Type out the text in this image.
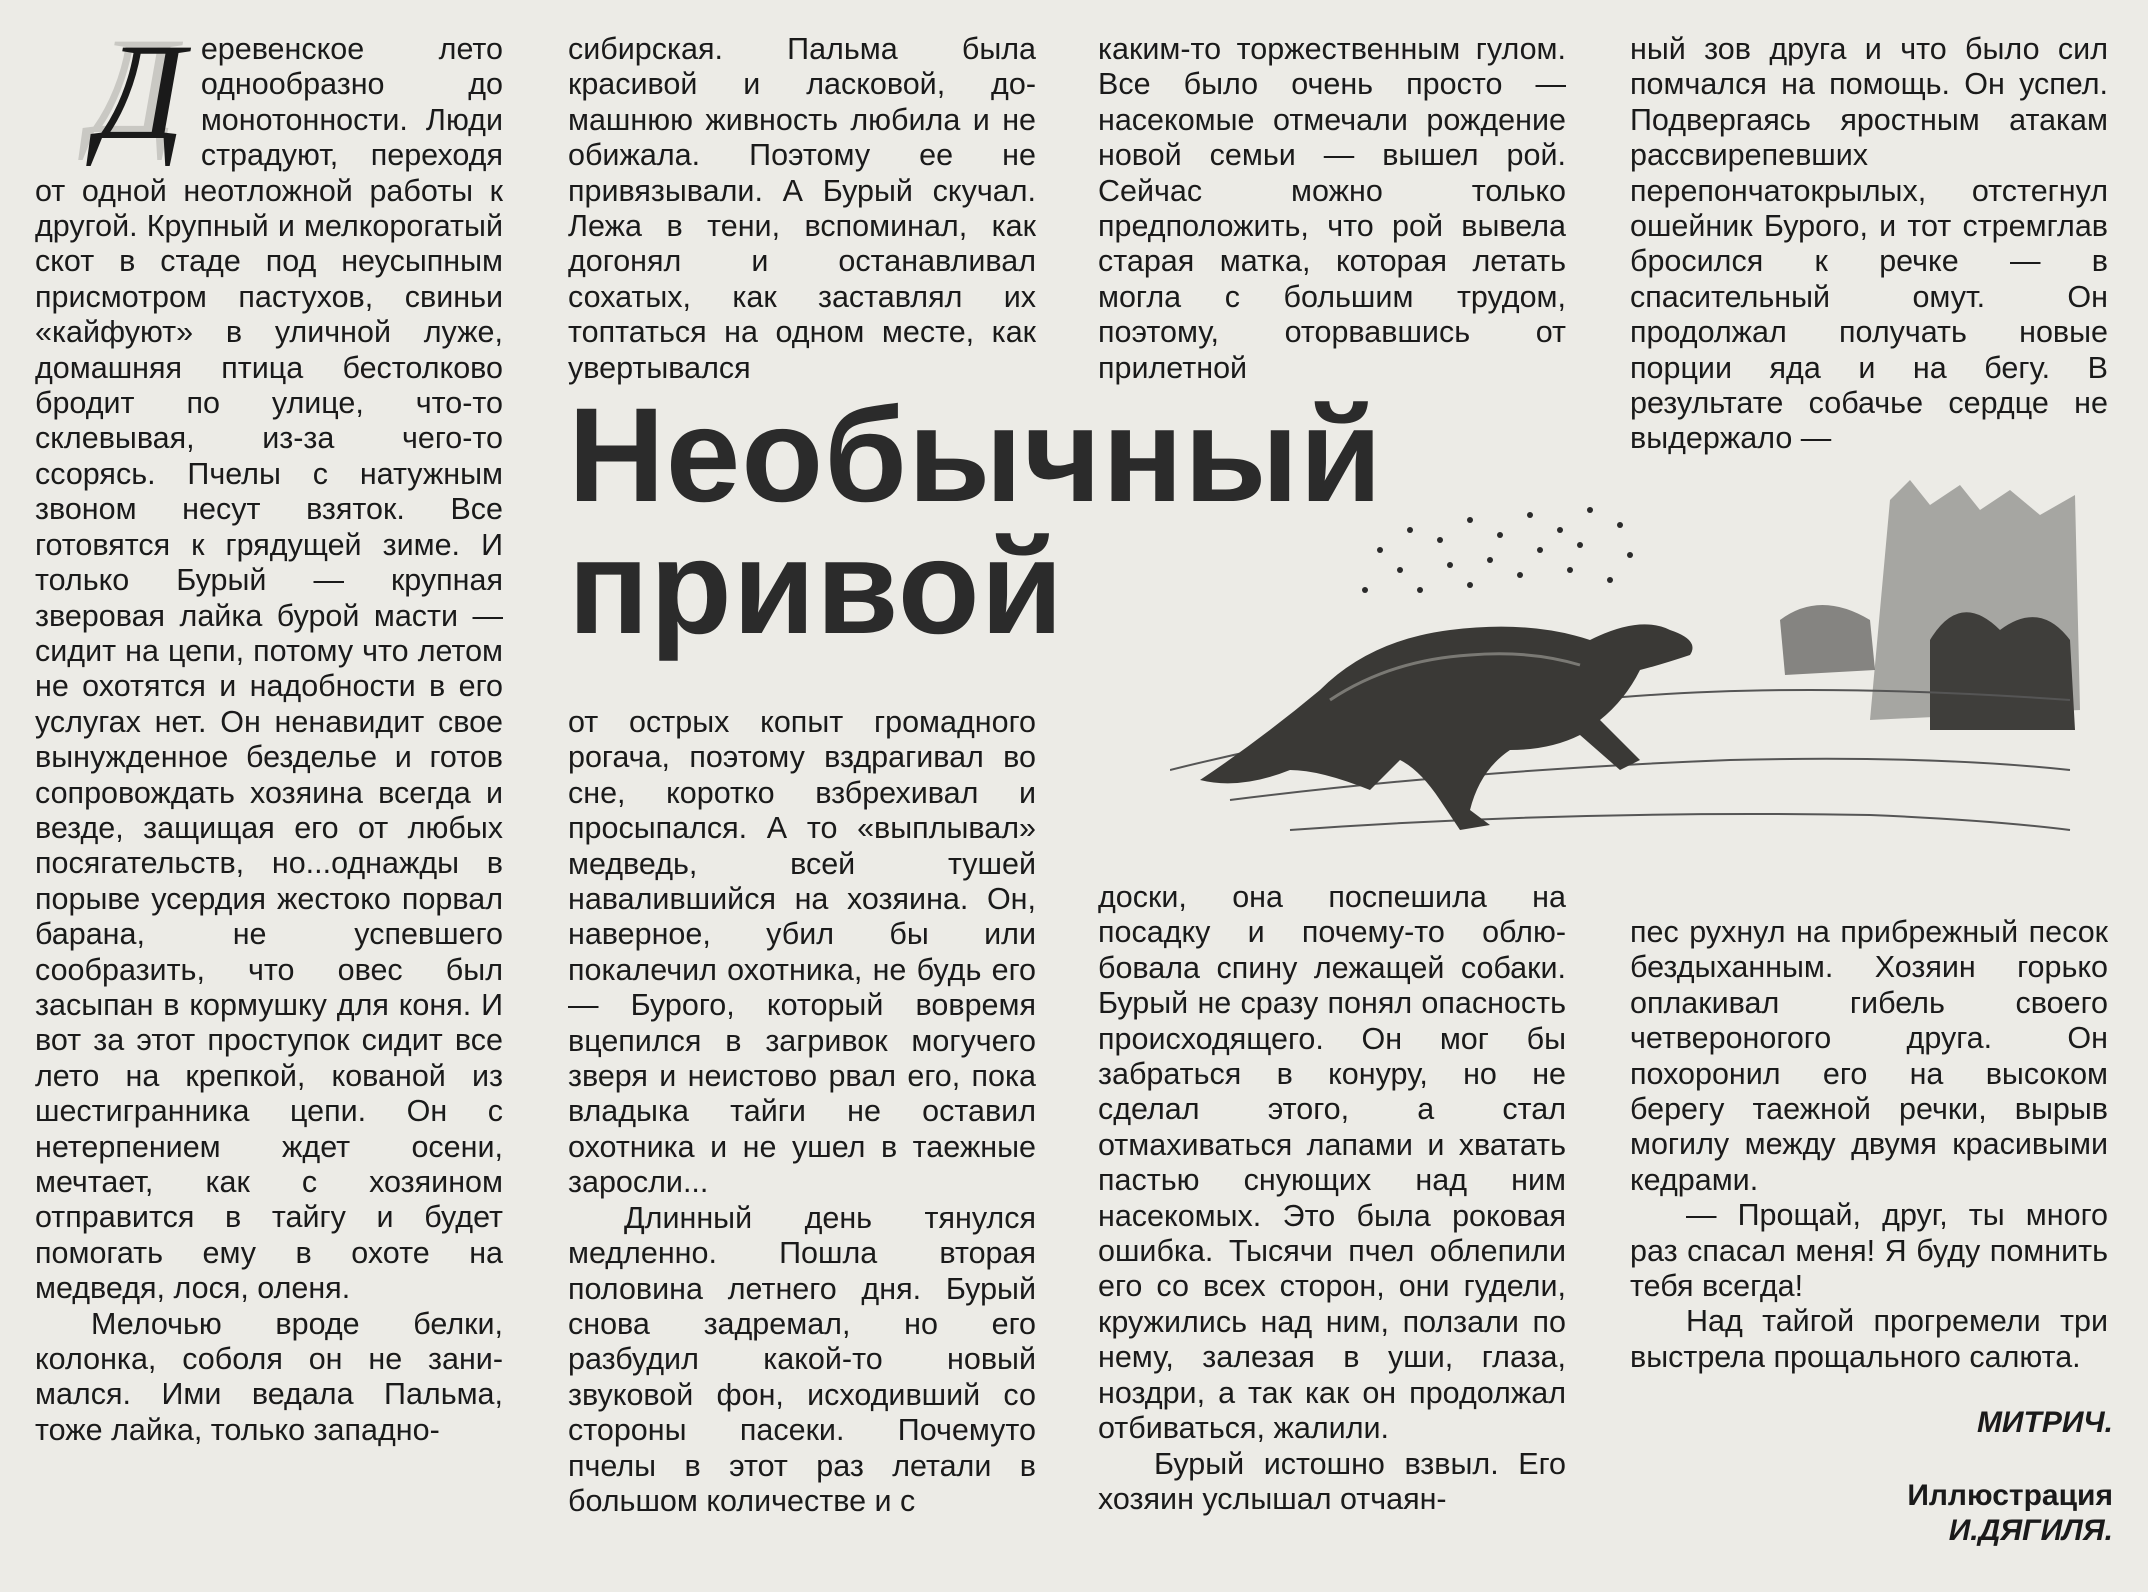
Д еревенское лето однообразно до монотонности. Люди страдуют, переходя от одной неотложной работы к другой. Крупный и мелкорогатый скот в стаде под неусыпным присмотром пастухов, свиньи «кайфуют» в уличной луже, домашняя птица бестолково бродит по улице, что-то склевывая, из-за чего-то ссорясь. Пчелы с натужным звоном несут взяток. Все готовятся к грядущей зиме. И только Бурый — крупная зверовая лайка бурой масти — сидит на цепи, потому что летом не охотятся и надобности в его услугах нет. Он ненавидит свое вынужденное безделье и готов сопровождать хозяина всегда и везде, защищая его от любых посягательств, но...однажды в порыве усердия жестоко порвал барана, не успевшего сообразить, что овес был засыпан в кормушку для коня. И вот за этот проступок сидит все лето на крепкой, кованой из шестигранника цепи. Он с нетерпением ждет осени, мечтает, как с хозяином отправится в тайгу и будет помогать ему в охоте на медведя, лося, оленя.

Мелочью вроде белки, колонка, соболя он не занимался. Ими ведала Пальма, тоже лайка, только западно-

сибирская. Пальма была красивой и ласковой, домашнюю живность любила и не обижала. Поэтому ее не привязывали. А Бурый скучал. Лежа в тени, вспоминал, как догонял и останавливал сохатых, как заставлял их топтаться на одном месте, как увертывался

Необычный
привой

от острых копыт громадного рогача, поэтому вздрагивал во сне, коротко взбрехивал и просыпался. А то «выплывал» медведь, всей тушей навалившийся на хозяина. Он, наверное, убил бы или покалечил охотника, не будь его — Бурого, который вовремя вцепился в загривок могучего зверя и неистово рвал его, пока владыка тайги не оставил охотника и не ушел в таежные заросли...

Длинный день тянулся медленно. Пошла вторая половина летнего дня. Бурый снова задремал, но его разбудил какой-то новый звуковой фон, исходивший со стороны пасеки. Почемуто пчелы в этот раз летали в большом количестве и с

каким-то торжественным гулом. Все было очень просто — насекомые отмечали рождение новой семьи — вышел рой. Сейчас можно только предположить, что рой вывела старая матка, которая летать могла с большим трудом, поэтому, оторвавшись от прилетной

доски, она поспешила на посадку и почему-то облюбовала спину лежащей собаки. Бурый не сразу понял опасность происходящего. Он мог бы забраться в конуру, но не сделал этого, а стал отмахиваться лапами и хватать пастью снующих над ним насекомых. Это была роковая ошибка. Тысячи пчел облепили его со всех сторон, они гудели, кружились над ним, ползали по нему, залезая в уши, глаза, ноздри, а так как он продолжал отбиваться, жалили.

Бурый истошно взвыл. Его хозяин услышал отчаян-

ный зов друга и что было сил помчался на помощь. Он успел. Подвергаясь яростным атакам рассвирепевших перепончатокрылых, отстегнул ошейник Бурого, и тот стремглав бросился к речке — в спасительный омут. Он продолжал получать новые порции яда и на бегу. В результате собачье сердце не выдержало —

пес рухнул на прибрежный песок бездыханным. Хозяин горько оплакивал гибель своего четвероногого друга. Он похоронил его на высоком берегу таежной речки, вырыв могилу между двумя красивыми кедрами.

— Прощай, друг, ты много раз спасал меня! Я буду помнить тебя всегда!

Над тайгой прогремели три выстрела прощального салюта.

МИТРИЧ.
Иллюстрация
И.ДЯГИЛЯ.
